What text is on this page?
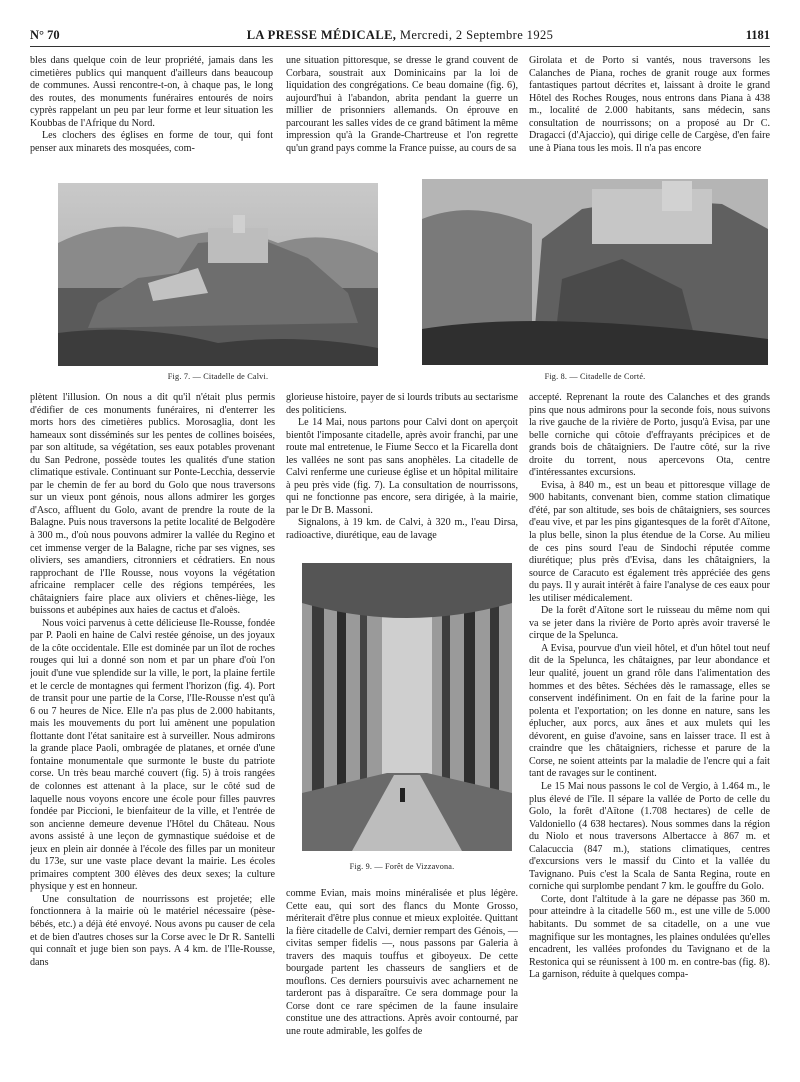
N° 70	LA PRESSE MÉDICALE, Mercredi, 2 Septembre 1925	1181

bles dans quelque coin de leur propriété, jamais dans les cimetières publics qui manquent d'ailleurs dans beaucoup de communes. Aussi rencontre-t-on, à chaque pas, le long des routes, des monuments funéraires entourés de noirs cyprès rappelant un peu par leur forme et leur situation les Koubbas de l'Afrique du Nord.

Les clochers des églises en forme de tour, qui font penser aux minarets des mosquées, com-

une situation pittoresque, se dresse le grand couvent de Corbara, soustrait aux Dominicains par la loi de liquidation des congrégations. Ce beau domaine (fig. 6), aujourd'hui à l'abandon, abrita pendant la guerre un millier de prisonniers allemands. On éprouve en parcourant les salles vides de ce grand bâtiment la même impression qu'à la Grande-Chartreuse et l'on regrette qu'un grand pays comme la France puisse, au cours de sa

Girolata et de Porto si vantés, nous traversons les Calanches de Piana, roches de granit rouge aux formes fantastiques partout décrites et, laissant à droite le grand Hôtel des Roches Rouges, nous entrons dans Piana à 438 m., localité de 2.000 habitants, sans médecin, sans consultation de nourrissons; on a proposé au Dr C. Dragacci (d'Ajaccio), qui dirige celle de Cargèse, d'en faire une à Piana tous les mois. Il n'a pas encore

Fig. 7. — Citadelle de Calvi.	Fig. 8. — Citadelle de Corté.

plètent l'illusion. On nous a dit qu'il n'était plus permis d'édifier de ces monuments funéraires, ni d'enterrer les morts hors des cimetières publics. Morosaglia, dont les hameaux sont disséminés sur les pentes de collines boisées, par son altitude, sa végétation, ses eaux potables provenant du San Pedrone, possède toutes les qualités d'une station climatique estivale. Continuant sur Ponte-Lecchia, desservie par le chemin de fer au bord du Golo que nous traversons sur un vieux pont génois, nous allons admirer les gorges d'Asco, affluent du Golo, avant de prendre la route de la Balagne. Puis nous traversons la petite localité de Belgodère à 300 m., d'où nous pouvons admirer la vallée du Regino et cet immense verger de la Balagne, riche par ses vignes, ses oliviers, ses amandiers, citronniers et cédratiers. En nous rapprochant de l'Ile Rousse, nous voyons la végétation africaine remplacer celle des régions tempérées, les châtaigniers faire place aux oliviers et chênes-liège, les buissons et aubépines aux haies de cactus et d'aloès.

Nous voici parvenus à cette délicieuse Ile-Rousse, fondée par P. Paoli en haine de Calvi restée génoise, un des joyaux de la côte occidentale. Elle est dominée par un îlot de roches rouges qui lui a donné son nom et par un phare d'où l'on jouit d'une vue splendide sur la ville, le port, la plaine fertile et le cercle de montagnes qui ferment l'horizon (fig. 4). Port de transit pour une partie de la Corse, l'Ile-Rousse n'est qu'à 6 ou 7 heures de Nice. Elle n'a pas plus de 2.000 habitants, mais les mouvements du port lui amènent une population flottante dont l'état sanitaire est à surveiller. Nous admirons la grande place Paoli, ombragée de platanes, et ornée d'une fontaine monumentale que surmonte le buste du patriote corse. Un très beau marché couvert (fig. 5) à trois rangées de colonnes est attenant à la place, sur le côté sud de laquelle nous voyons encore une école pour filles pauvres fondée par Piccioni, le bienfaiteur de la ville, et l'entrée de son ancienne demeure devenue l'Hôtel du Château. Nous avons assisté à une leçon de gymnastique suédoise et de jeux en plein air donnée à l'école des filles par un moniteur du 173e, sur une vaste place devant la mairie. Les écoles primaires comptent 300 élèves des deux sexes; la culture physique y est en honneur.

Une consultation de nourrissons est projetée; elle fonctionnera à la mairie où le matériel nécessaire (pèse-bébés, etc.) a déjà été envoyé. Nous avons pu causer de cela et de bien d'autres choses sur la Corse avec le Dr R. Santelli qui connaît et juge bien son pays. A 4 km. de l'Ile-Rousse, dans

glorieuse histoire, payer de si lourds tributs au sectarisme des politiciens.

Le 14 Mai, nous partons pour Calvi dont on aperçoit bientôt l'imposante citadelle, après avoir franchi, par une route mal entretenue, le Fiume Secco et la Ficarella dont les vallées ne sont pas sans anophèles. La citadelle de Calvi renferme une curieuse église et un hôpital militaire à peu près vide (fig. 7). La consultation de nourrissons, qui ne fonctionne pas encore, sera dirigée, à la mairie, par le Dr B. Massoni.

Signalons, à 19 km. de Calvi, à 320 m., l'eau Dirsa, radioactive, diurétique, eau de lavage

Fig. 9. — Forêt de Vizzavona.

comme Evian, mais moins minéralisée et plus légère. Cette eau, qui sort des flancs du Monte Grosso, mériterait d'être plus connue et mieux exploitée. Quittant la fière citadelle de Calvi, dernier rempart des Génois, — civitas semper fidelis —, nous passons par Galeria à travers des maquis touffus et giboyeux. De cette bourgade partent les chasseurs de sangliers et de mouflons. Ces derniers poursuivis avec acharnement ne tarderont pas à disparaître. Ce sera dommage pour la Corse dont ce rare spécimen de la faune insulaire constitue une des attractions. Après avoir contourné, par une route admirable, les golfes de

accepté. Reprenant la route des Calanches et des grands pins que nous admirons pour la seconde fois, nous suivons la rive gauche de la rivière de Porto, jusqu'à Evisa, par une belle corniche qui côtoie d'effrayants précipices et de grands bois de châtaigniers. De l'autre côté, sur la rive droite du torrent, nous apercevons Ota, centre d'intéressantes excursions.

Evisa, à 840 m., est un beau et pittoresque village de 900 habitants, convenant bien, comme station climatique d'été, par son altitude, ses bois de châtaigniers, ses sources d'eau vive, et par les pins gigantesques de la forêt d'Aïtone, la plus belle, sinon la plus étendue de la Corse. Au milieu de ces pins sourd l'eau de Sindochi réputée comme diurétique; plus près d'Evisa, dans les châtaigniers, la source de Caracuto est également très appréciée des gens du pays. Il y aurait intérêt à faire l'analyse de ces eaux pour les utiliser médicalement.

De la forêt d'Aïtone sort le ruisseau du même nom qui va se jeter dans la rivière de Porto après avoir traversé le cirque de la Spelunca.

A Evisa, pourvue d'un vieil hôtel, et d'un hôtel tout neuf dit de la Spelunca, les châtaignes, par leur abondance et leur qualité, jouent un grand rôle dans l'alimentation des hommes et des bêtes. Séchées dès le ramassage, elles se conservent indéfiniment. On en fait de la farine pour la polenta et l'exportation; on les donne en nature, sans les éplucher, aux porcs, aux ânes et aux mulets qui les dévorent, en guise d'avoine, sans en laisser trace. Il est à craindre que les châtaigniers, richesse et parure de la Corse, ne soient atteints par la maladie de l'encre qui a fait tant de ravages sur le continent.

Le 15 Mai nous passons le col de Vergio, à 1.464 m., le plus élevé de l'île. Il sépare la vallée de Porto de celle du Golo, la forêt d'Aïtone (1.708 hectares) de celle de Valdoniello (4 638 hectares). Nous sommes dans la région du Niolo et nous traversons Albertacce à 867 m. et Calacuccia (847 m.), stations climatiques, centres d'excursions vers le massif du Cinto et la vallée du Tavignano. Puis c'est la Scala de Santa Regina, route en corniche qui surplombe pendant 7 km. le gouffre du Golo.

Corte, dont l'altitude à la gare ne dépasse pas 360 m. pour atteindre à la citadelle 560 m., est une ville de 5.000 habitants. Du sommet de sa citadelle, on a une vue magnifique sur les montagnes, les plaines ondulées qu'elles encadrent, les vallées profondes du Tavignano et de la Restonica qui se réunissent à 100 m. en contre-bas (fig. 8). La garnison, réduite à quelques compa-
